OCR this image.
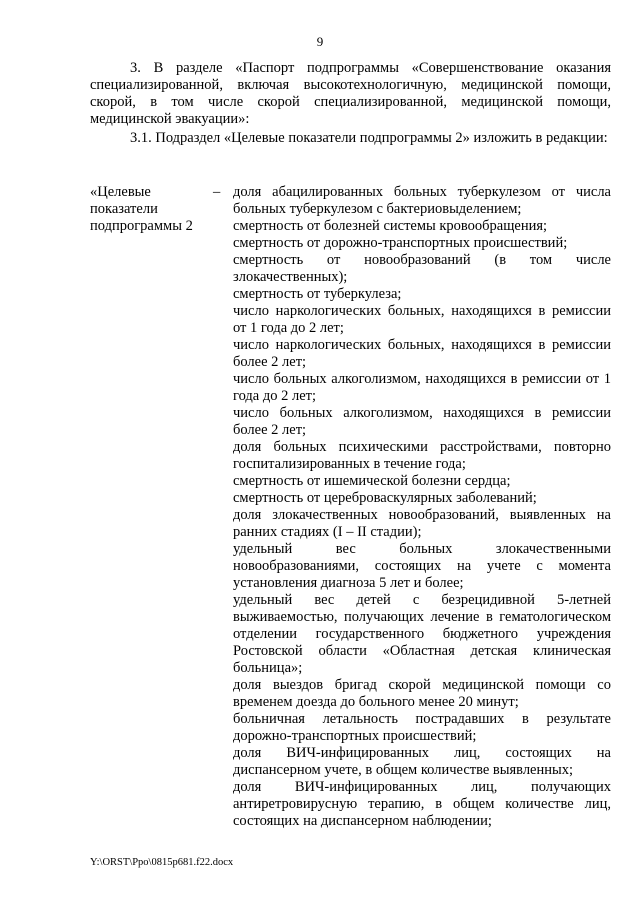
9

3. В разделе «Паспорт подпрограммы «Совершенствование оказания специализированной, включая высокотехнологичную, медицинской помощи, скорой, в том числе скорой специализированной, медицинской помощи, медицинской эвакуации»:

3.1. Подраздел «Целевые показатели подпрограммы 2» изложить в редакции:

«Целевые показатели подпрограммы 2
– доля абацилированных больных туберкулезом от числа больных туберкулезом с бактериовыделением;

смертность от болезней системы кровообращения;

смертность от дорожно-транспортных происшествий;

смертность от новообразований (в том числе злокачественных);

смертность от туберкулеза;

число наркологических больных, находящихся в ремиссии от 1 года до 2 лет;

число наркологических больных, находящихся в ремиссии более 2 лет;

число больных алкоголизмом, находящихся в ремиссии от 1 года до 2 лет;

число больных алкоголизмом, находящихся в ремиссии более 2 лет;

доля больных психическими расстройствами, повторно госпитализированных в течение года;

смертность от ишемической болезни сердца;

смертность от цереброваскулярных заболеваний;

доля злокачественных новообразований, выявленных на ранних стадиях (I – II стадии);

удельный вес больных злокачественными новообразованиями, состоящих на учете с момента установления диагноза 5 лет и более;

удельный вес детей с безрецидивной 5-летней выживаемостью, получающих лечение в гематологическом отделении государственного бюджетного учреждения Ростовской области «Областная детская клиническая больница»;

доля выездов бригад скорой медицинской помощи со временем доезда до больного менее 20 минут;

больничная летальность пострадавших в результате дорожно-транспортных происшествий;

доля ВИЧ-инфицированных лиц, состоящих на диспансерном учете, в общем количестве выявленных;

доля ВИЧ-инфицированных лиц, получающих антиретровирусную терапию, в общем количестве лиц, состоящих на диспансерном наблюдении;

Y:\ORST\Ppo\0815p681.f22.docx
